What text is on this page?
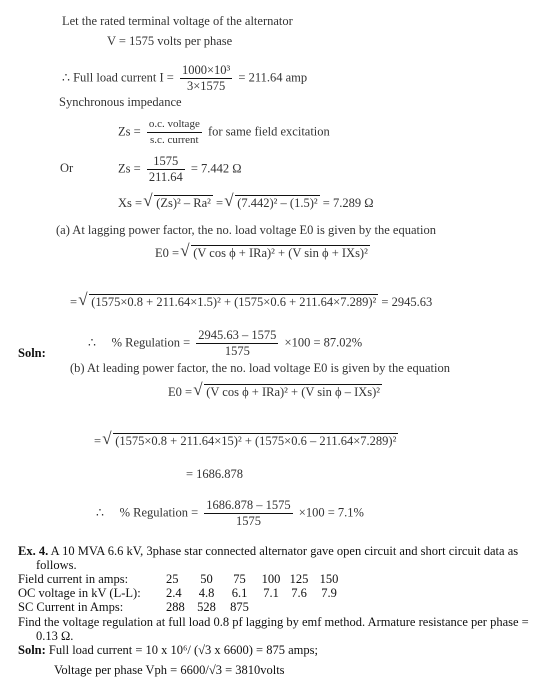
Let the rated terminal voltage of the alternator
V = 1575 volts per phase
∴ Full load current $I = \frac{\text{1000×10³}}{3\times 1575} = 211.64$ amp
Synchronous impedance
$Zs = \frac{\text{o.c. voltage}}{\text{s.c. current}}$ for same field excitation
Or	$Zs = \frac{1575}{211.64} = 7.442$ Ω
Xs = √ (Zs)² – Ra² = √ (7.442)² – (1.5)² = 7.289 Ω
(a) At lagging power factor, the no. load voltage E0 is given by the equation
E0 = √ (V cos ϕ + IRa)² + (V sin ϕ + IXs)²
= √ (1575×0.8 + 211.64×1.5)² + (1575×0.6 + 211.64×7.289)² = 2945.63
∴ % Regulation = $\frac{2945.63 - 1575}{1575} \times 100 = 87.02\%$
Soln:
(b) At leading power factor, the no. load voltage E0 is given by the equation
E0 = √ (V cos ϕ + IRa)² + (V sin ϕ – IXs)²
= √ (1575×0.8 + 211.64×15)² + (1575×0.6 – 211.64×7.289)²
= 1686.878
∴ % Regulation = $\frac{1686.878 - 1575}{1575} \times 100 = 7.1\%$
Ex. 4. A 10 MVA 6.6 kV, 3phase star connected alternator gave open circuit and short circuit data as
follows.
Field current in amps:	25	50	75	100	125	150
OC voltage in kV (L-L):	2.4	4.8	6.1	7.1	7.6	7.9
SC Current in Amps:	288	528	875			
Find the voltage regulation at full load 0.8 pf lagging by emf method. Armature resistance per phase =
0.13 Ω.
Soln: Full load current = 10 x 10⁶/ (√3 x 6600) = 875 amps;
Voltage per phase Vph = 6600/√3 = 3810volts
